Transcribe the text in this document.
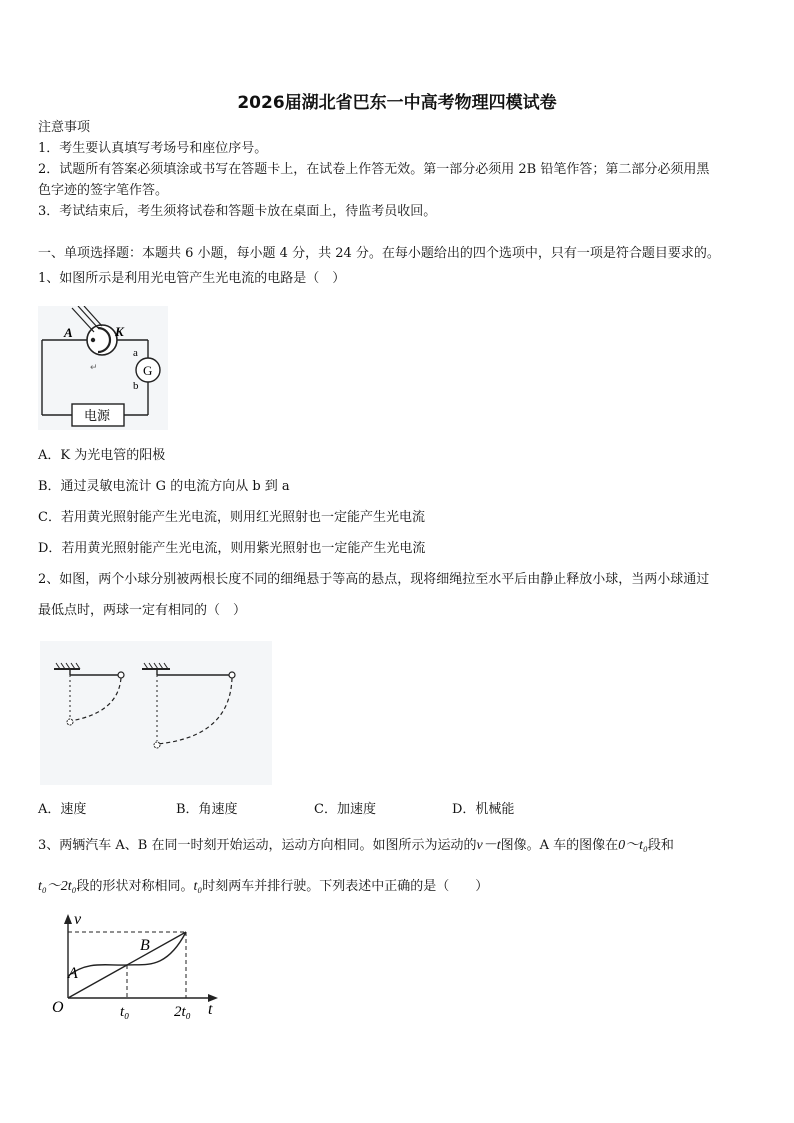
2026届湖北省巴东一中高考物理四模试卷
注意事项
1．考生要认真填写考场号和座位序号。
2．试题所有答案必须填涂或书写在答题卡上，在试卷上作答无效。第一部分必须用 2B 铅笔作答；第二部分必须用黑
色字迹的签字笔作答。
3．考试结束后，考生须将试卷和答题卡放在桌面上，待监考员收回。
一、单项选择题：本题共 6 小题，每小题 4 分，共 24 分。在每小题给出的四个选项中，只有一项是符合题目要求的。
1、如图所示是利用光电管产生光电流的电路是（　）
A	K
G
a
b
↵
电源
A．K 为光电管的阳极
B．通过灵敏电流计 G 的电流方向从 b 到 a
C．若用黄光照射能产生光电流，则用红光照射也一定能产生光电流
D．若用黄光照射能产生光电流，则用紫光照射也一定能产生光电流
2、如图，两个小球分别被两根长度不同的细绳悬于等高的悬点，现将细绳拉至水平后由静止释放小球，当两小球通过
最低点时，两球一定有相同的（　）
A．速度	B．角速度	C．加速度	D．机械能
3、两辆汽车 A、B 在同一时刻开始运动，运动方向相同。如图所示为运动的v－t图像。A 车的图像在0～t₀段和
t₀～2t₀段的形状对称相同。t₀时刻两车并排行驶。下列表述中正确的是（　　）
v
t
O
A
B
t₀	2t₀
